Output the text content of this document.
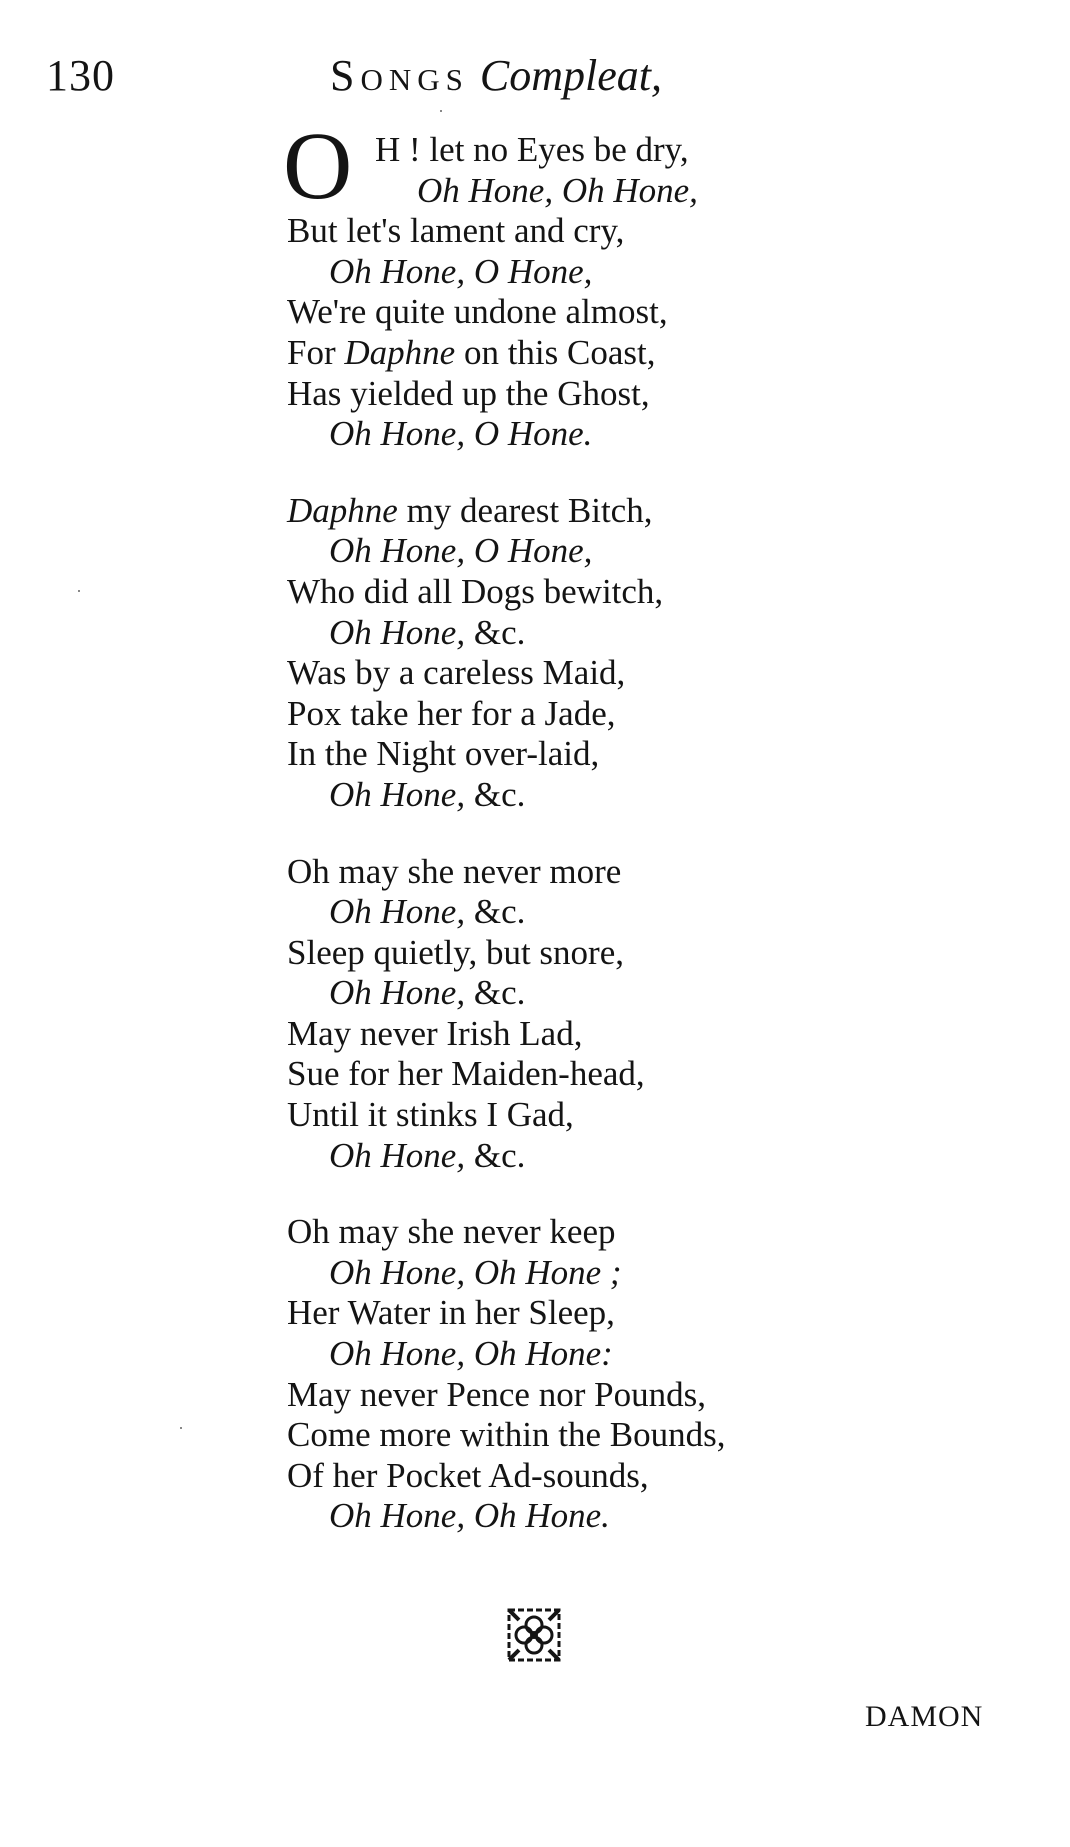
130	Songs Compleat,
O H ! let no Eyes be dry,
Oh Hone, Oh Hone,
But let's lament and cry,
Oh Hone, O Hone,
We're quite undone almost,
For Daphne on this Coast,
Has yielded up the Ghost,
Oh Hone, O Hone.
Daphne my dearest Bitch,
Oh Hone, O Hone,
Who did all Dogs bewitch,
Oh Hone, &c.
Was by a careless Maid,
Pox take her for a Jade,
In the Night over-laid,
Oh Hone, &c.
Oh may she never more
Oh Hone, &c.
Sleep quietly, but snore,
Oh Hone, &c.
May never Irish Lad,
Sue for her Maiden-head,
Until it stinks I Gad,
Oh Hone, &c.
Oh may she never keep
Oh Hone, Oh Hone ;
Her Water in her Sleep,
Oh Hone, Oh Hone:
May never Pence nor Pounds,
Come more within the Bounds,
Of her Pocket Ad-sounds,
Oh Hone, Oh Hone.
DAMON
